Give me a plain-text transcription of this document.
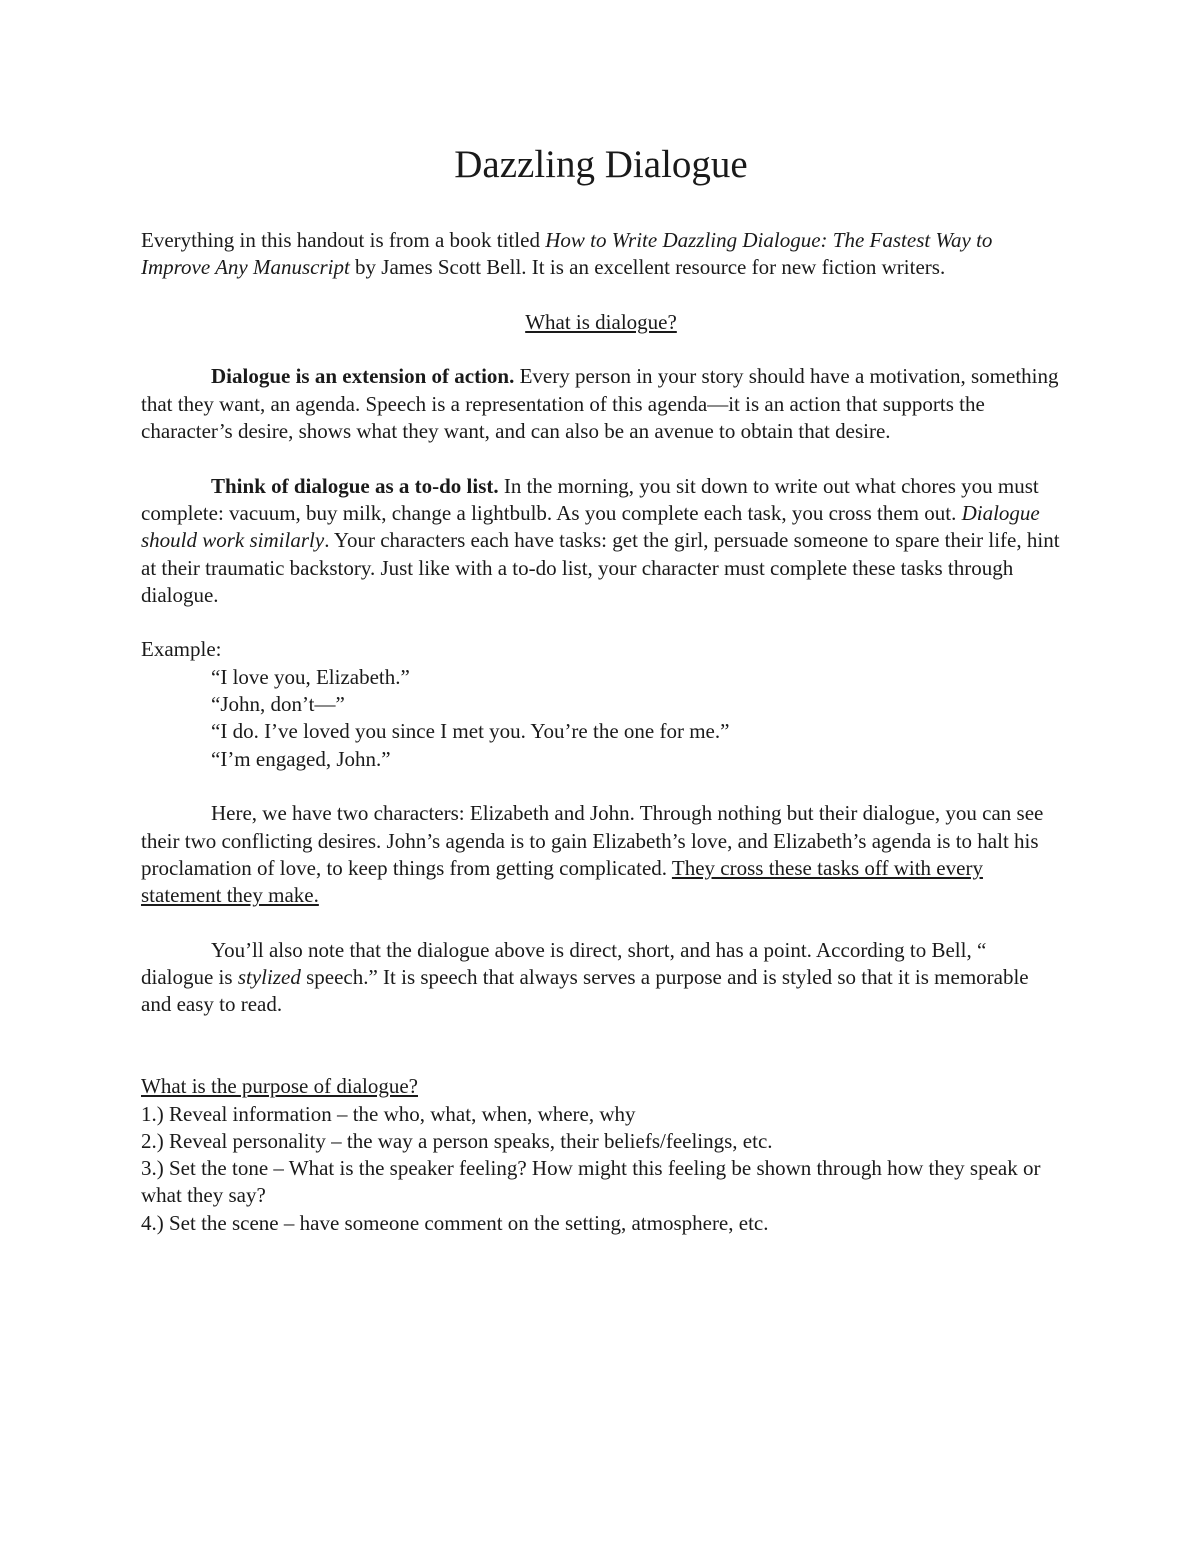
Dazzling Dialogue

Everything in this handout is from a book titled How to Write Dazzling Dialogue: The Fastest Way to Improve Any Manuscript by James Scott Bell. It is an excellent resource for new fiction writers.

What is dialogue?

Dialogue is an extension of action. Every person in your story should have a motivation, something that they want, an agenda. Speech is a representation of this agenda—it is an action that supports the character’s desire, shows what they want, and can also be an avenue to obtain that desire.

Think of dialogue as a to-do list. In the morning, you sit down to write out what chores you must complete: vacuum, buy milk, change a lightbulb. As you complete each task, you cross them out. Dialogue should work similarly. Your characters each have tasks: get the girl, persuade someone to spare their life, hint at their traumatic backstory. Just like with a to-do list, your character must complete these tasks through dialogue.

Example:
“I love you, Elizabeth.”
“John, don’t—”
“I do. I’ve loved you since I met you. You’re the one for me.”
“I’m engaged, John.”

Here, we have two characters: Elizabeth and John. Through nothing but their dialogue, you can see their two conflicting desires. John’s agenda is to gain Elizabeth’s love, and Elizabeth’s agenda is to halt his proclamation of love, to keep things from getting complicated. They cross these tasks off with every statement they make.

You’ll also note that the dialogue above is direct, short, and has a point. According to Bell, “ dialogue is stylized speech.” It is speech that always serves a purpose and is styled so that it is memorable and easy to read.

What is the purpose of dialogue?
1.) Reveal information – the who, what, when, where, why
2.) Reveal personality – the way a person speaks, their beliefs/feelings, etc.
3.) Set the tone – What is the speaker feeling? How might this feeling be shown through how they speak or what they say?
4.) Set the scene – have someone comment on the setting, atmosphere, etc.
